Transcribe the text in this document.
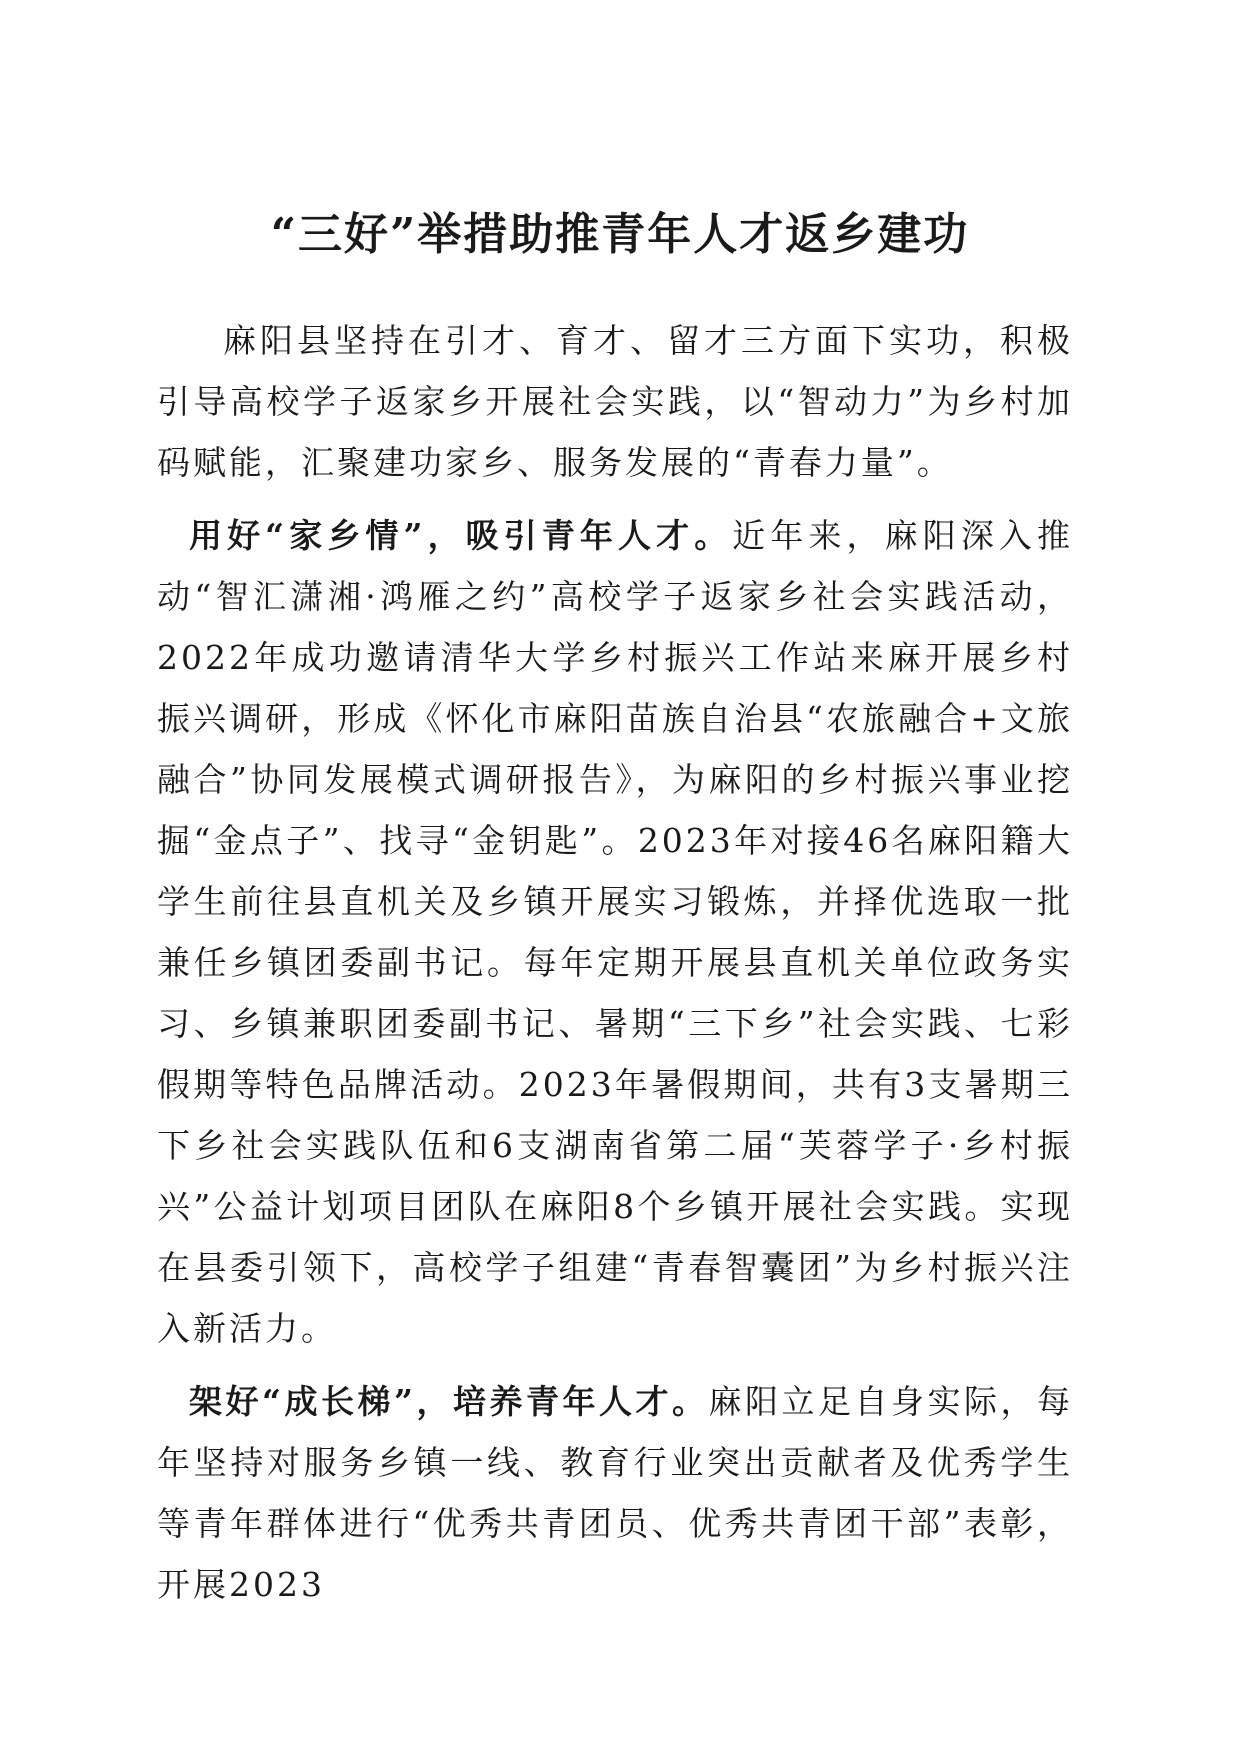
“三好”举措助推青年人才返乡建功

麻阳县坚持在引才、育才、留才三方面下实功，积极引导高校学子返家乡开展社会实践，以“智动力”为乡村加码赋能，汇聚建功家乡、服务发展的“青春力量”。

用好“家乡情”，吸引青年人才。近年来，麻阳深入推动“智汇潇湘·鸿雁之约”高校学子返家乡社会实践活动，2022年成功邀请清华大学乡村振兴工作站来麻开展乡村振兴调研，形成《怀化市麻阳苗族自治县“农旅融合+文旅融合”协同发展模式调研报告》，为麻阳的乡村振兴事业挖掘“金点子”、找寻“金钥匙”。2023年对接46名麻阳籍大学生前往县直机关及乡镇开展实习锻炼，并择优选取一批兼任乡镇团委副书记。每年定期开展县直机关单位政务实习、乡镇兼职团委副书记、暑期“三下乡”社会实践、七彩假期等特色品牌活动。2023年暑假期间，共有3支暑期三下乡社会实践队伍和6支湖南省第二届“芙蓉学子·乡村振兴”公益计划项目团队在麻阳8个乡镇开展社会实践。实现在县委引领下，高校学子组建“青春智囊团”为乡村振兴注入新活力。

架好“成长梯”，培养青年人才。麻阳立足自身实际，每年坚持对服务乡镇一线、教育行业突出贡献者及优秀学生等青年群体进行“优秀共青团员、优秀共青团干部”表彰，开展2023
